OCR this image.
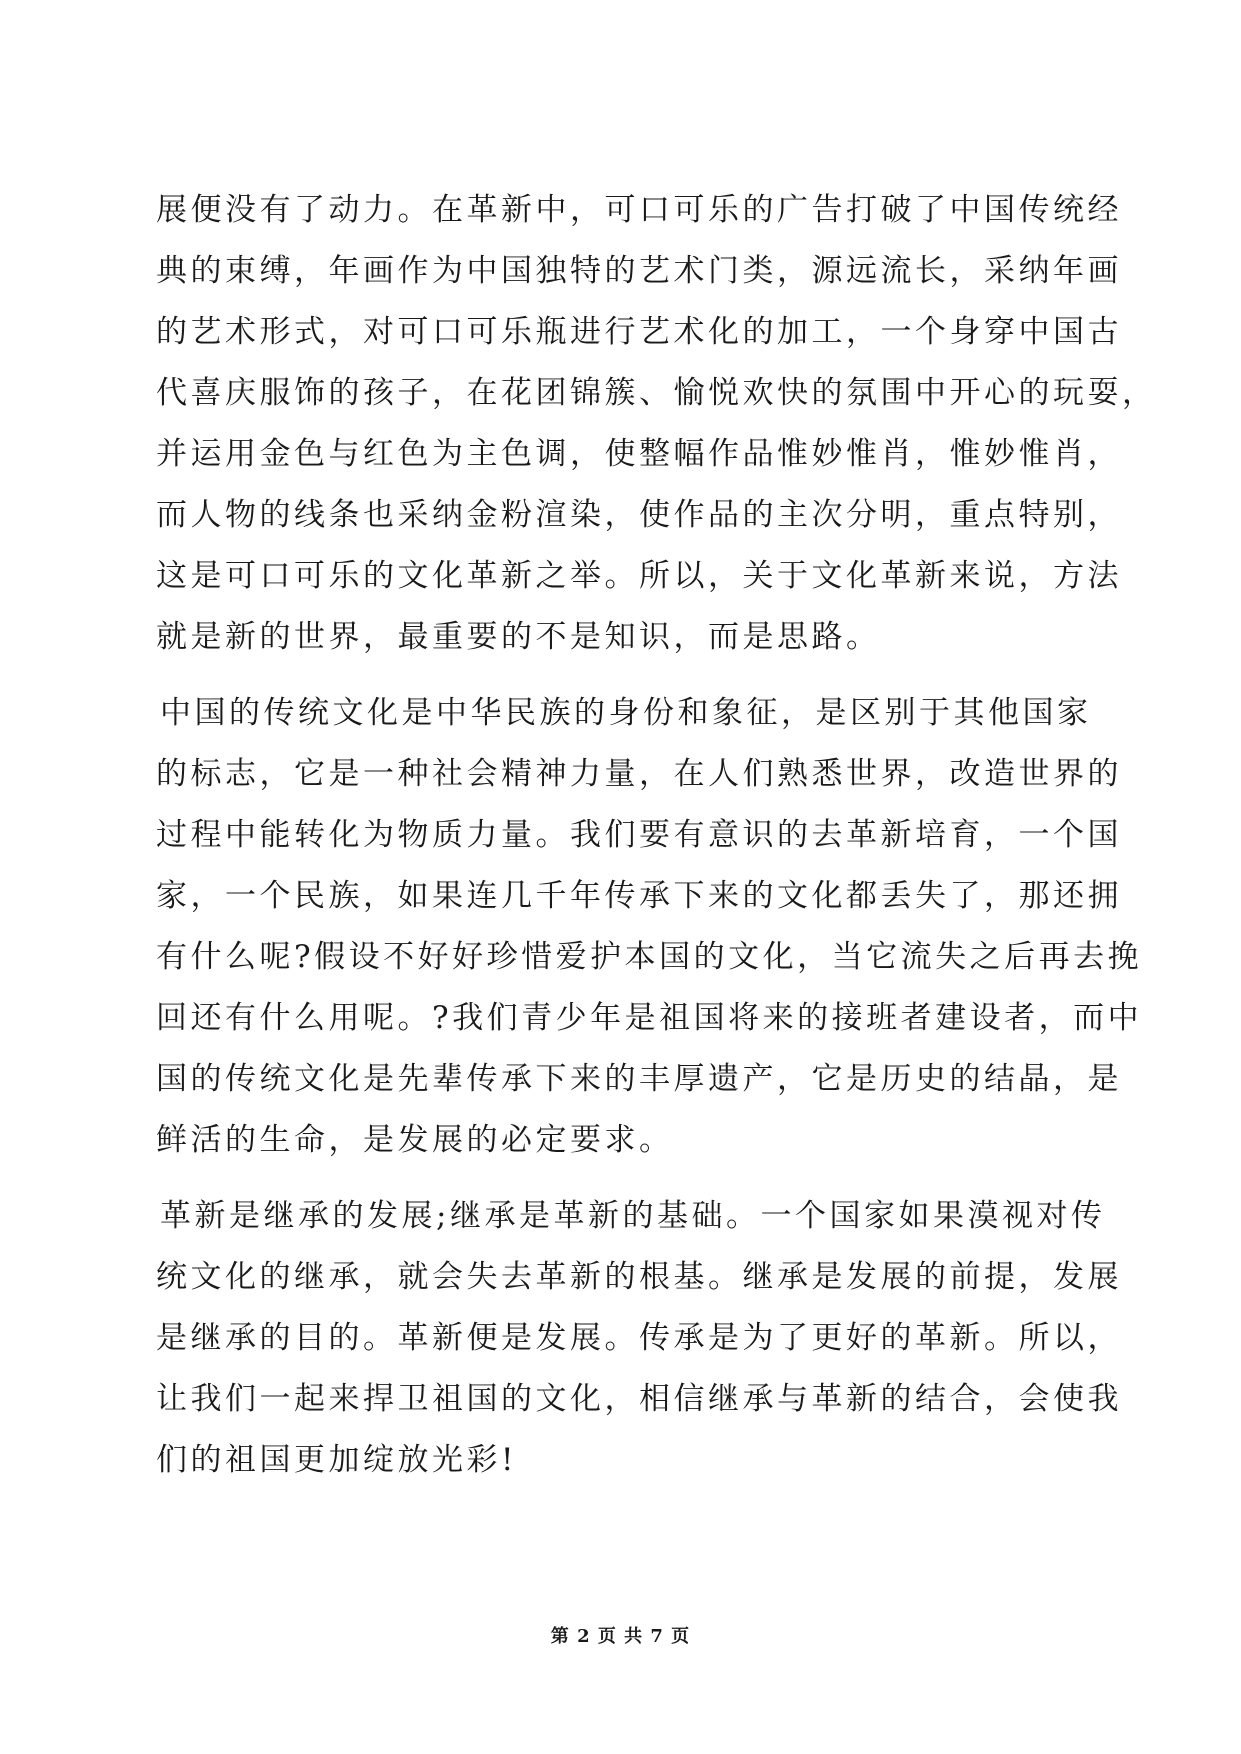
展便没有了动力。在革新中，可口可乐的广告打破了中国传统经
典的束缚，年画作为中国独特的艺术门类，源远流长，采纳年画
的艺术形式，对可口可乐瓶进行艺术化的加工，一个身穿中国古
代喜庆服饰的孩子，在花团锦簇、愉悦欢快的氛围中开心的玩耍，
并运用金色与红色为主色调，使整幅作品惟妙惟肖，惟妙惟肖，
而人物的线条也采纳金粉渲染，使作品的主次分明，重点特别，
这是可口可乐的文化革新之举。所以，关于文化革新来说，方法
就是新的世界，最重要的不是知识，而是思路。
中国的传统文化是中华民族的身份和象征，是区别于其他国家
的标志，它是一种社会精神力量，在人们熟悉世界，改造世界的
过程中能转化为物质力量。我们要有意识的去革新培育，一个国
家，一个民族，如果连几千年传承下来的文化都丢失了，那还拥
有什么呢?假设不好好珍惜爱护本国的文化，当它流失之后再去挽
回还有什么用呢。?我们青少年是祖国将来的接班者建设者，而中
国的传统文化是先辈传承下来的丰厚遗产，它是历史的结晶，是
鲜活的生命，是发展的必定要求。
革新是继承的发展;继承是革新的基础。一个国家如果漠视对传
统文化的继承，就会失去革新的根基。继承是发展的前提，发展
是继承的目的。革新便是发展。传承是为了更好的革新。所以，
让我们一起来捍卫祖国的文化，相信继承与革新的结合，会使我
们的祖国更加绽放光彩!
第 2 页 共 7 页
